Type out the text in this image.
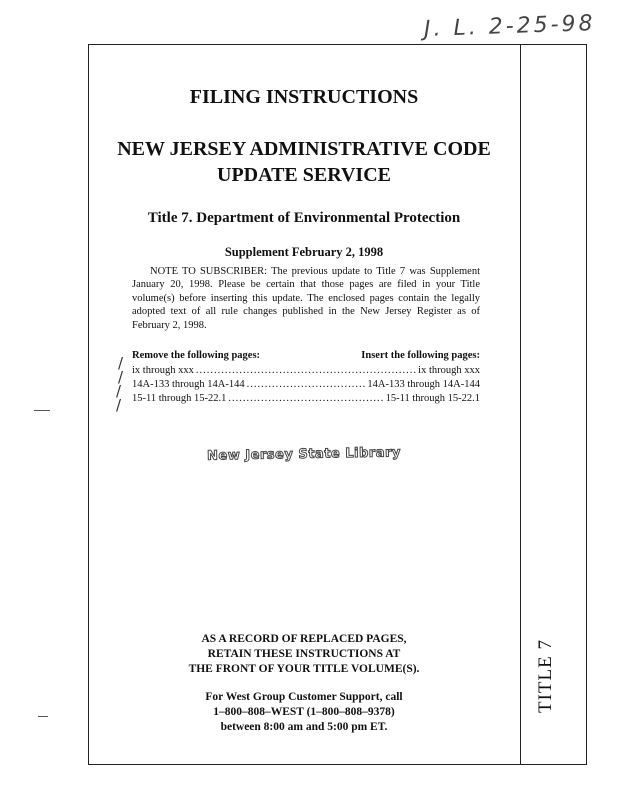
J. L. 2-25-98
TITLE 7
FILING INSTRUCTIONS
NEW JERSEY ADMINISTRATIVE CODE
UPDATE SERVICE
Title 7. Department of Environmental Protection
Supplement February 2, 1998

NOTE TO SUBSCRIBER: The previous update to Title 7 was Supplement January 20, 1998. Please be certain that those pages are filed in your Title volume(s) before inserting this update. The enclosed pages contain the legally adopted text of all rule changes published in the New Jersey Register as of February 2, 1998.

Remove the following pages:	Insert the following pages:
ix through xxx .....	ix through xxx
14A-133 through 14A-144 .....	14A-133 through 14A-144
15-11 through 15-22.1 .....	15-11 through 15-22.1
/
/
/
/
New Jersey State Library
AS A RECORD OF REPLACED PAGES,
RETAIN THESE INSTRUCTIONS AT
THE FRONT OF YOUR TITLE VOLUME(S).
For West Group Customer Support, call
1–800–808–WEST (1–800–808–9378)
between 8:00 am and 5:00 pm ET.
